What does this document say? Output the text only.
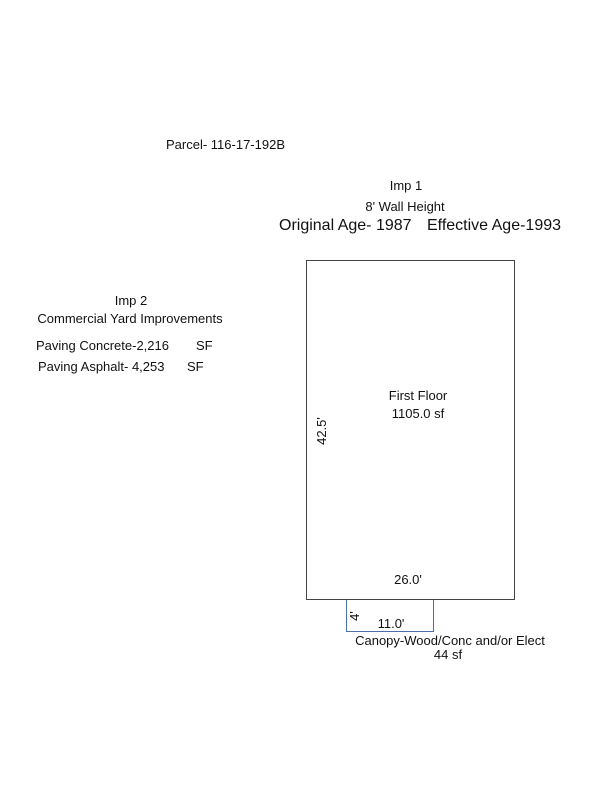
Parcel- 116-17-192B
Imp 1
8' Wall Height
Original Age- 1987 Effective Age-1993
Imp 2
Commercial Yard Improvements
Paving Concrete-2,216 SF
Paving Asphalt- 4,253 SF
First Floor
1105.0 sf
42.5'
26.0'
4' 11.0'
Canopy-Wood/Conc and/or Elect
44 sf
